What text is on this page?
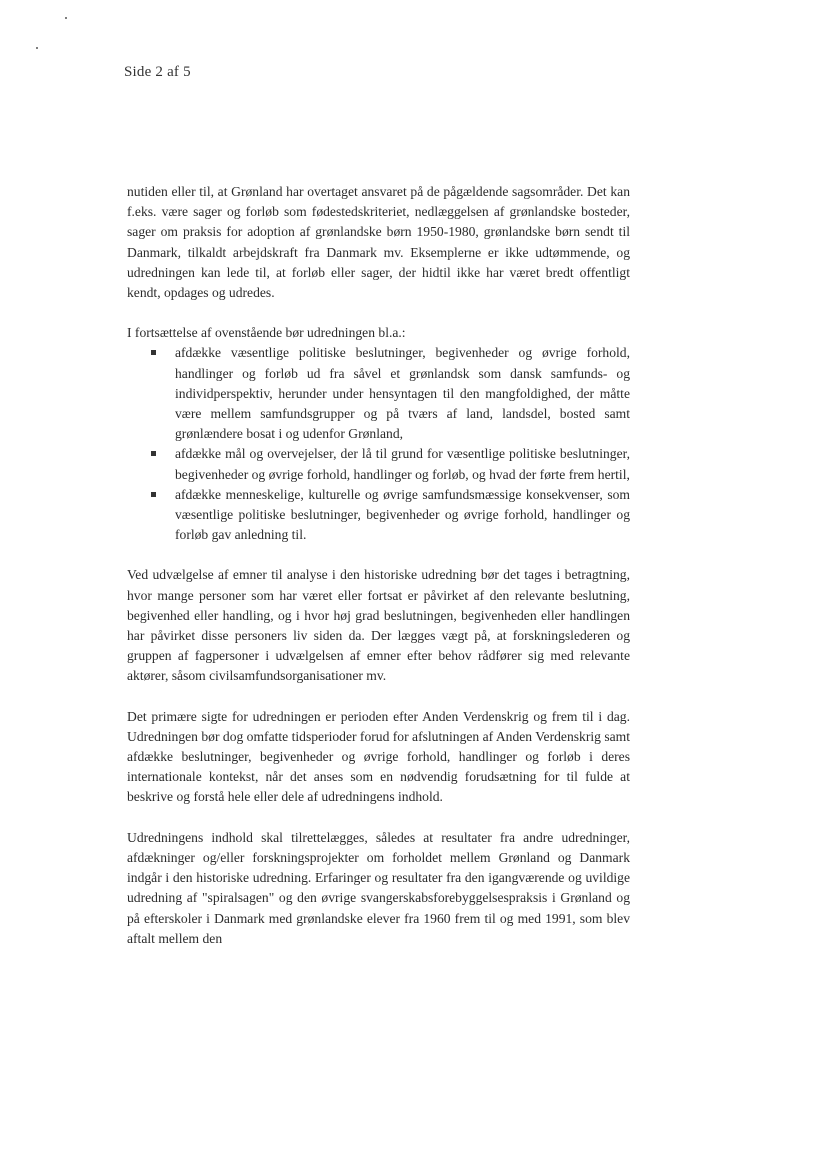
Side 2 af 5

nutiden eller til, at Grønland har overtaget ansvaret på de pågældende sagsområder. Det kan f.eks. være sager og forløb som fødestedskriteriet, nedlæggelsen af grønlandske bosteder, sager om praksis for adoption af grønlandske børn 1950-1980, grønlandske børn sendt til Danmark, tilkaldt arbejdskraft fra Danmark mv. Eksemplerne er ikke udtømmende, og udredningen kan lede til, at forløb eller sager, der hidtil ikke har været bredt offentligt kendt, opdages og udredes.

I fortsættelse af ovenstående bør udredningen bl.a.:

afdække væsentlige politiske beslutninger, begivenheder og øvrige forhold, handlinger og forløb ud fra såvel et grønlandsk som dansk samfunds- og individperspektiv, herunder under hensyntagen til den mangfoldighed, der måtte være mellem samfundsgrupper og på tværs af land, landsdel, bosted samt grønlændere bosat i og udenfor Grønland,
afdække mål og overvejelser, der lå til grund for væsentlige politiske beslutninger, begivenheder og øvrige forhold, handlinger og forløb, og hvad der førte frem hertil,
afdække menneskelige, kulturelle og øvrige samfundsmæssige konsekvenser, som væsentlige politiske beslutninger, begivenheder og øvrige forhold, handlinger og forløb gav anledning til.

Ved udvælgelse af emner til analyse i den historiske udredning bør det tages i betragtning, hvor mange personer som har været eller fortsat er påvirket af den relevante beslutning, begivenhed eller handling, og i hvor høj grad beslutningen, begivenheden eller handlingen har påvirket disse personers liv siden da. Der lægges vægt på, at forskningslederen og gruppen af fagpersoner i udvælgelsen af emner efter behov rådfører sig med relevante aktører, såsom civilsamfundsorganisationer mv.

Det primære sigte for udredningen er perioden efter Anden Verdenskrig og frem til i dag. Udredningen bør dog omfatte tidsperioder forud for afslutningen af Anden Verdenskrig samt afdække beslutninger, begivenheder og øvrige forhold, handlinger og forløb i deres internationale kontekst, når det anses som en nødvendig forudsætning for til fulde at beskrive og forstå hele eller dele af udredningens indhold.

Udredningens indhold skal tilrettelægges, således at resultater fra andre udredninger, afdækninger og/eller forskningsprojekter om forholdet mellem Grønland og Danmark indgår i den historiske udredning. Erfaringer og resultater fra den igangværende og uvildige udredning af "spiralsagen" og den øvrige svangerskabsforebyggelsespraksis i Grønland og på efterskoler i Danmark med grønlandske elever fra 1960 frem til og med 1991, som blev aftalt mellem den
